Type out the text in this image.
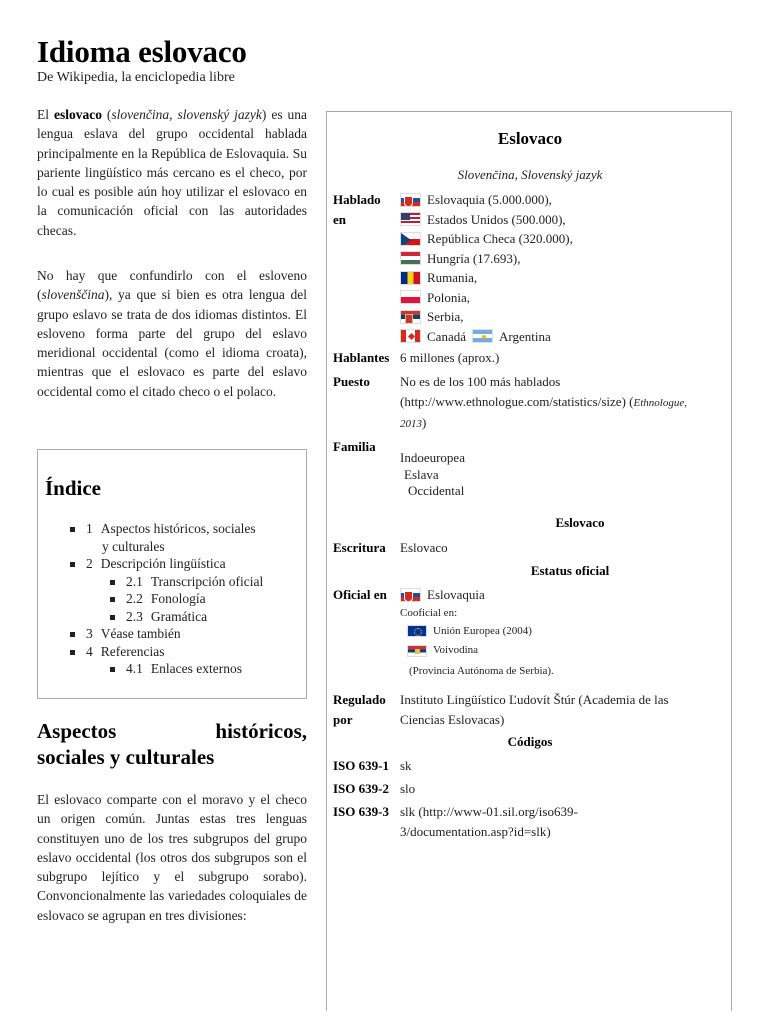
Idioma eslovaco
De Wikipedia, la enciclopedia libre
El eslovaco (slovenčina, slovenský jazyk) es una lengua eslava del grupo occidental hablada principalmente en la República de Eslovaquia. Su pariente lingüístico más cercano es el checo, por lo cual es posible aún hoy utilizar el eslovaco en la comunicación oficial con las autoridades checas.
No hay que confundirlo con el esloveno (slovenščina), ya que si bien es otra lengua del grupo eslavo se trata de dos idiomas distintos. El esloveno forma parte del grupo del eslavo meridional occidental (como el idioma croata), mientras que el eslovaco es parte del eslavo occidental como el citado checo o el polaco.
Índice
1 Aspectos históricos, sociales
y culturales
2 Descripción lingüística
2.1 Transcripción oficial
2.2 Fonología
2.3 Gramática
3 Véase también
4 Referencias
4.1 Enlaces externos
Aspectos	históricos,
sociales y culturales
El eslovaco comparte con el moravo y el checo un origen común. Juntas estas tres lenguas constituyen uno de los tres subgrupos del grupo eslavo occidental (los otros dos subgrupos son el subgrupo lejítico y el subgrupo sorabo). Convoncionalmente las variedades coloquiales de eslovaco se agrupan en tres divisiones:
Eslovaco
Slovenčina, Slovenský jazyk
Hablado
en
Eslovaquia (5.000.000),
Estados Unidos (500.000),
República Checa (320.000),
Hungría (17.693),
Rumania,
Polonia,
Serbia,
Canadá	Argentina
Hablantes 6 millones (aprox.)
Puesto No es de los 100 más hablados
(http://www.ethnologue.com/statistics/size) (Ethnologue,
2013)
Familia
Indoeuropea
Eslava
Occidental
Eslovaco
Escritura Eslovaco
Estatus oficial
Oficial en	Eslovaquia
Cooficial en:
Unión Europea (2004)
Voivodina
(Provincia Autónoma de Serbia).
Regulado
por
Instituto Lingüístico Ľudovít Štúr (Academia de las
Ciencias Eslovacas)
Códigos
ISO 639-1 sk
ISO 639-2 slo
ISO 639-3 slk (http://www-01.sil.org/iso639-
3/documentation.asp?id=slk)
